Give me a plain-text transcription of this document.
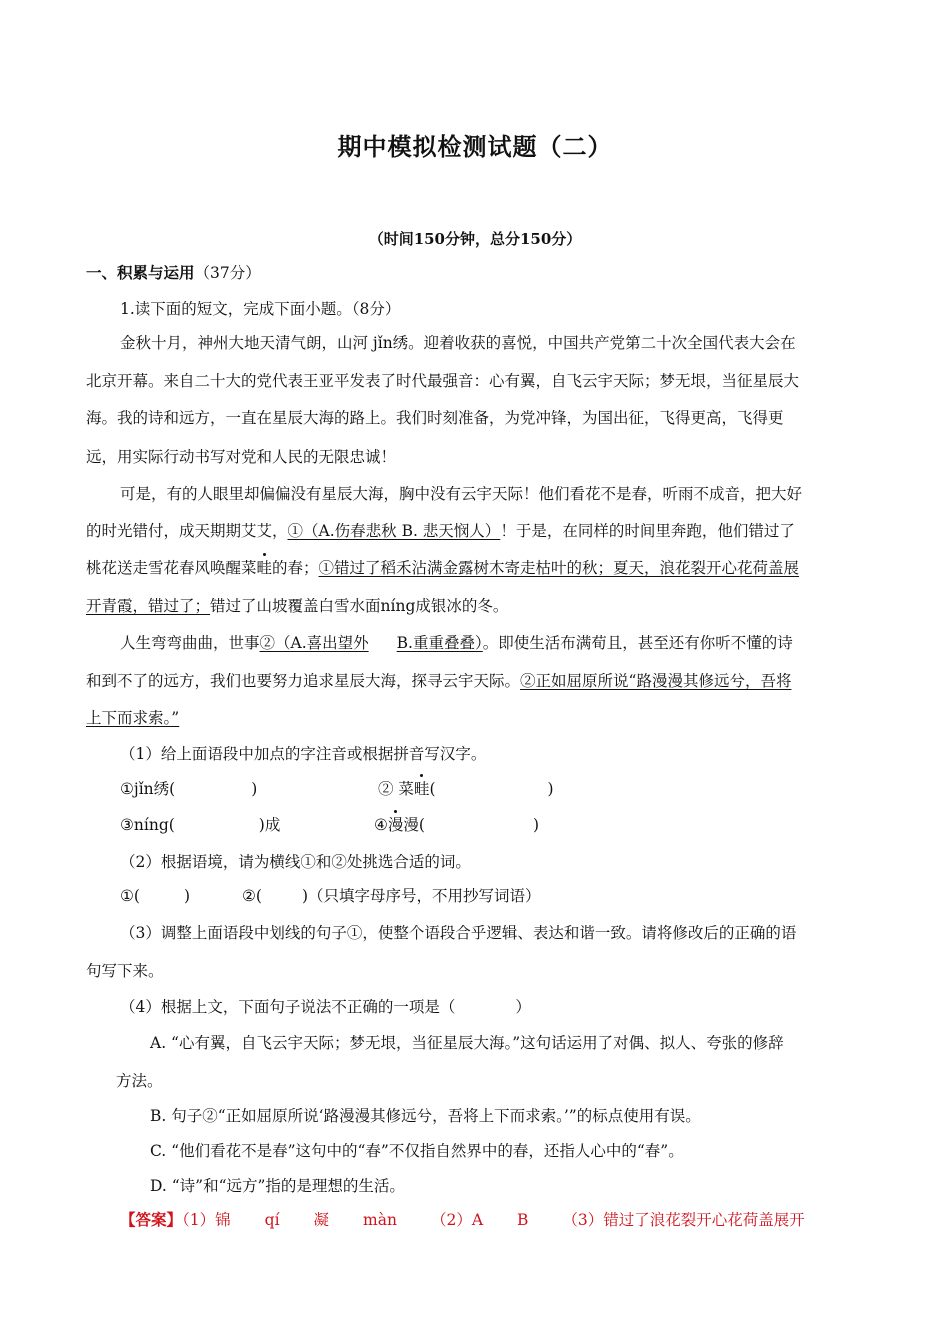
期中模拟检测试题（二）
（时间150分钟，总分150分）
一、积累与运用（37分）
1.读下面的短文，完成下面小题。（8分）
金秋十月，神州大地天清气朗，山河 jǐn绣。迎着收获的喜悦，中国共产党第二十次全国代表大会在
北京开幕。来自二十大的党代表王亚平发表了时代最强音：心有翼，自飞云宇天际；梦无垠，当征星辰大
海。我的诗和远方，一直在星辰大海的路上。我们时刻准备，为党冲锋，为国出征，飞得更高，飞得更
远，用实际行动书写对党和人民的无限忠诚！
可是，有的人眼里却偏偏没有星辰大海，胸中没有云宇天际！他们看花不是春，听雨不成音，把大好
的时光错付，成天期期艾艾，①（A.伤春悲秋 B. 悲天悯人）！于是，在同样的时间里奔跑，他们错过了
桃花送走雪花春风唤醒菜畦的春；①错过了稻禾沾满金露树木寄走枯叶的秋；夏天，浪花裂开心花荷盖展
开青霞，错过了；错过了山坡覆盖白雪水面níng成银冰的冬。
人生弯弯曲曲，世事②（A.喜出望外 B.重重叠叠）。即使生活布满荀且，甚至还有你听不懂的诗
和到不了的远方，我们也要努力追求星辰大海，探寻云宇天际。②正如屈原所说“路漫漫其修远兮，吾将
上下而求索。”
（1）给上面语段中加点的字注音或根据拼音写汉字。
①jǐn绣(	)	② 菜畦(	)
③níng(	)成	④漫漫(	)
（2）根据语境，请为横线①和②处挑选合适的词。
①(	)	②(	)（只填字母序号，不用抄写词语）
（3）调整上面语段中划线的句子①，使整个语段合乎逻辑、表达和谐一致。请将修改后的正确的语
句写下来。
（4）根据上文，下面句子说法不正确的一项是（	）
A. “心有翼，自飞云宇天际；梦无垠，当征星辰大海。”这句话运用了对偶、拟人、夸张的修辞
方法。
B. 句子②“正如屈原所说‘路漫漫其修远兮，吾将上下而求索。’”的标点使用有误。
C. “他们看花不是春”这句中的“春”不仅指自然界中的春，还指人心中的“春”。
D. “诗”和“远方”指的是理想的生活。
【答案】（1）锦 qí 凝 màn （2）A B （3）错过了浪花裂开心花荷盖展开
